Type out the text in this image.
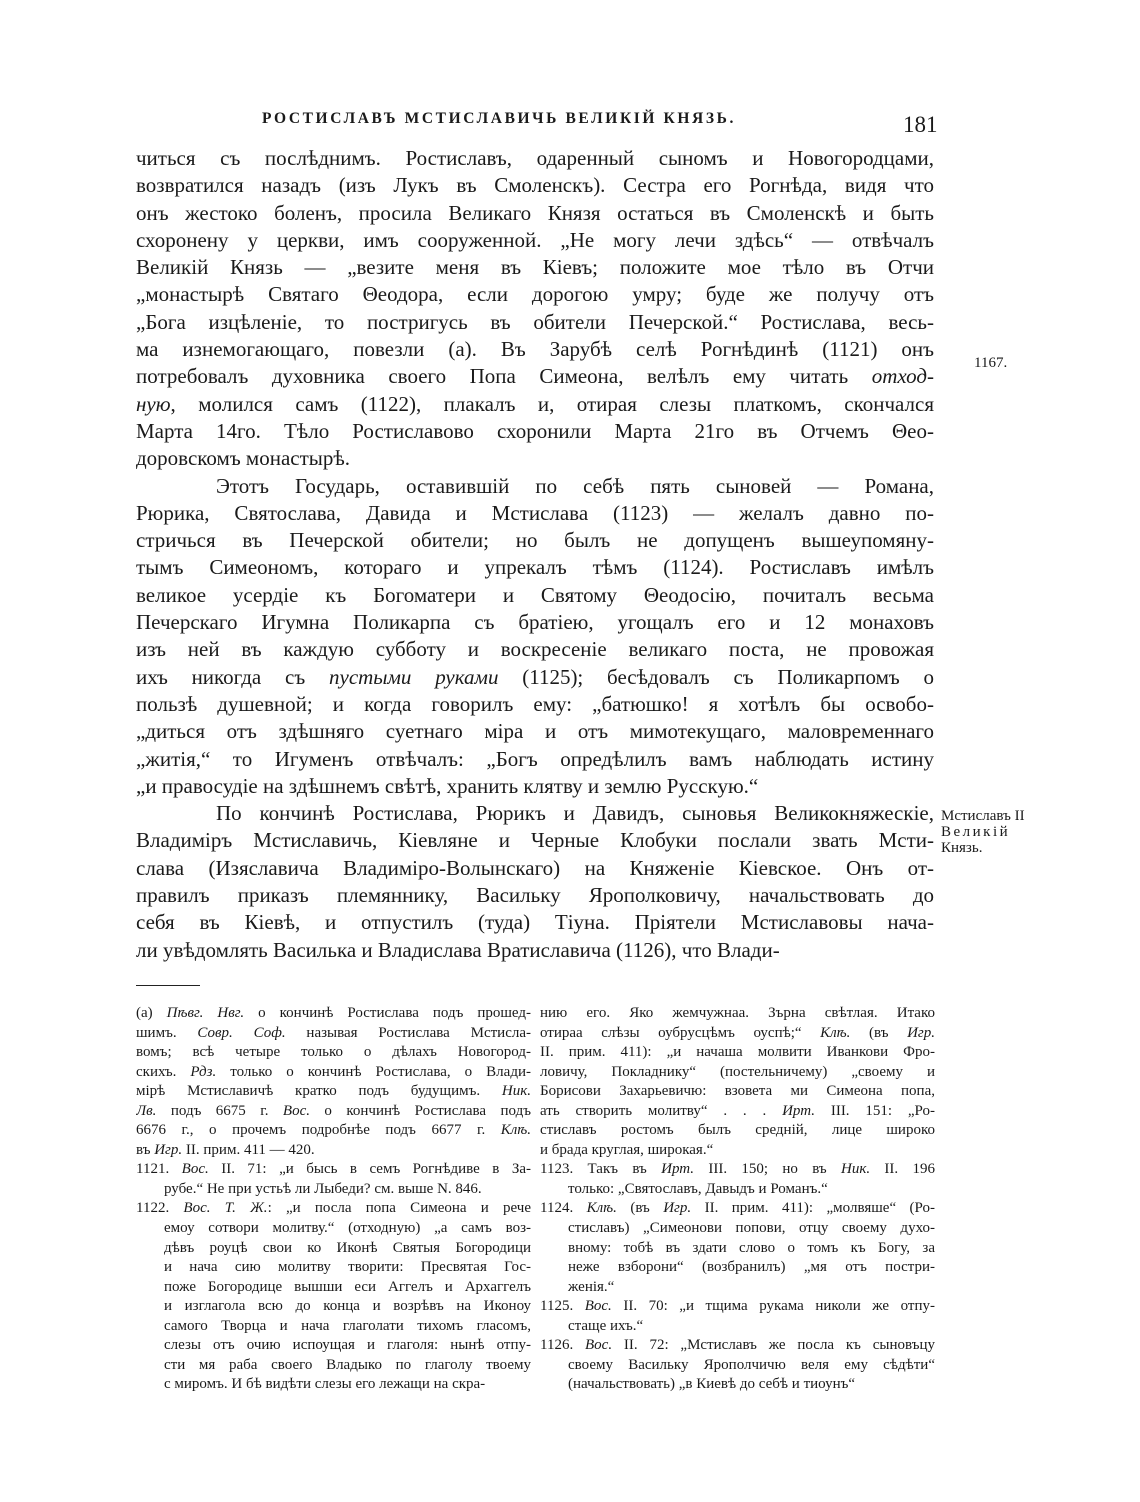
РОСТИСЛАВЪ МСТИСЛАВИЧЬ ВЕЛИКІЙ КНЯЗЬ.	181
читься съ послѣднимъ. Ростиславъ, одаренный сыномъ и Новогородцами,
возвратился назадъ (изъ Лукъ въ Смоленскъ). Сестра его Рогнѣда, видя что
онъ жестоко боленъ, просила Великаго Князя остаться въ Смоленскѣ и быть
схоронену у церкви, имъ сооруженной. „Не могу лечи здѣсь“ — отвѣчалъ
Великій Князь — „везите меня въ Кіевъ; положите мое тѣло въ Отчи
„монастырѣ Святаго Θеодора, если дорогою умру; буде же получу отъ
„Бога изцѣленіе, то постригусь въ обители Печерской.“ Ростислава, весь-
ма изнемогающаго, повезли (а). Въ Зарубѣ селѣ Рогнѣдинѣ (1121) онъ
потребовалъ духовника своего Попа Симеона, велѣлъ ему читать отход-
ную, молился самъ (1122), плакалъ и, отирая слезы платкомъ, скончался
Марта 14го. Тѣло Ростиславово схоронили Марта 21го въ Отчемъ Θео-
доровскомъ монастырѣ.
Этотъ Государь, оставившій по себѣ пять сыновей — Романа,
Рюрика, Святослава, Давида и Мстислава (1123) — желалъ давно по-
стричься въ Печерской обители; но былъ не допущенъ вышеупомяну-
тымъ Симеономъ, котораго и упрекалъ тѣмъ (1124). Ростиславъ имѣлъ
великое усердіе къ Богоматери и Святому Θеодосію, почиталъ весьма
Печерскаго Игумна Поликарпа съ братіею, угощалъ его и 12 монаховъ
изъ ней въ каждую субботу и воскресеніе великаго поста, не провожая
ихъ никогда съ пустыми руками (1125); бесѣдовалъ съ Поликарпомъ о
пользѣ душевной; и когда говорилъ ему: „батюшко! я хотѣлъ бы освобо-
„диться отъ здѣшняго суетнаго міра и отъ мимотекущаго, маловременнаго
„житія,“ то Игуменъ отвѣчалъ: „Богъ опредѣлилъ вамъ наблюдать истину
„и правосудіе на здѣшнемъ свѣтѣ, хранить клятву и землю Русскую.“
По кончинѣ Ростислава, Рюрикъ и Давидъ, сыновья Великокняжескіе,
Владиміръ Мстиславичь, Кіевляне и Черные Клобуки послали звать Мсти-
слава (Изяславича Владиміро-Волынскаго) на Княженіе Кіевское. Онъ от-
правилъ приказъ племяннику, Васильку Ярополковичу, начальствовать до
себя въ Кіевѣ, и отпустилъ (туда) Тіуна. Пріятели Мстиславовы нача-
ли увѣдомлять Василька и Владислава Вратиславича (1126), что Влади-
1167.
Мстиславъ II
Великій
Князь.
(а) Пѣвг. Нвг. о кончинѣ Ростислава подъ прошед-
шимъ. Совр. Соф. называя Ростислава Мстисла-
вомъ; всѣ четыре только о дѣлахъ Новогород-
скихъ. Рдз. только о кончинѣ Ростислава, о Влади-
мірѣ Мстиславичѣ кратко подъ будущимъ. Ник.
Лв. подъ 6675 г. Вос. о кончинѣ Ростислава подъ
6676 г., о прочемъ подробнѣе подъ 6677 г. Клѣ.
въ Игр. II. прим. 411 — 420.
1121. Вос. II. 71: „и бысь в семъ Рогнѣдиве в За-
рубе.“ Не при устьѣ ли Лыбеди? см. выше N. 846.
1122. Вос. Т. Ж.: „и посла попа Симеона и рече
емоу сотвори молитву.“ (отходную) „а самъ воз-
дѣвъ роуцѣ свои ко Иконѣ Святыя Богородици
и нача сию молитву творити: Пресвятая Гос-
поже Богородице вышши еси Аггелъ и Архаггелъ
и изглагола всю до конца и возрѣвъ на Иконоу
самого Творца и нача глаголати тихомъ гласомъ,
слезы отъ очию испоущая и глаголя: нынѣ отпу-
сти мя раба своего Владыко по глаголу твоему
с миромъ. И бѣ видѣти слезы его лежащи на скра-
нию его. Яко жемчужнаа. Зърна свѣтлая. Итако
отираа слѣзы оубрусцѣмъ оуспѣ;“ Клѣ. (въ Игр.
II. прим. 411): „и начаша молвити Иванкови Фро-
ловичу, Покладнику“ (постельничему) „своему и
Борисови Захарьевичю: взовета ми Симеона попа,
ать створить молитву“ . . . Ирт. III. 151: „Ро-
стиславъ ростомъ былъ средній, лице широко
и брада круглая, широкая.“
1123. Такъ въ Ирт. III. 150; но въ Ник. II. 196
только: „Святославъ, Давыдъ и Романъ.“
1124. Клѣ. (въ Игр. II. прим. 411): „молвяше“ (Ро-
стиславъ) „Симеонови попови, отцу своему духо-
вному: тобѣ въ здати слово о томъ къ Богу, за
неже взборони“ (возбранилъ) „мя отъ постри-
женія.“
1125. Вос. II. 70: „и тщима рукама николи же отпу-
стаще ихъ.“
1126. Вос. II. 72: „Мстиславъ же посла къ сыновъцу
своему Васильку Ярополчичю веля ему сѣдѣти“
(начальствовать) „в Киевѣ до себѣ и тиоунъ“
